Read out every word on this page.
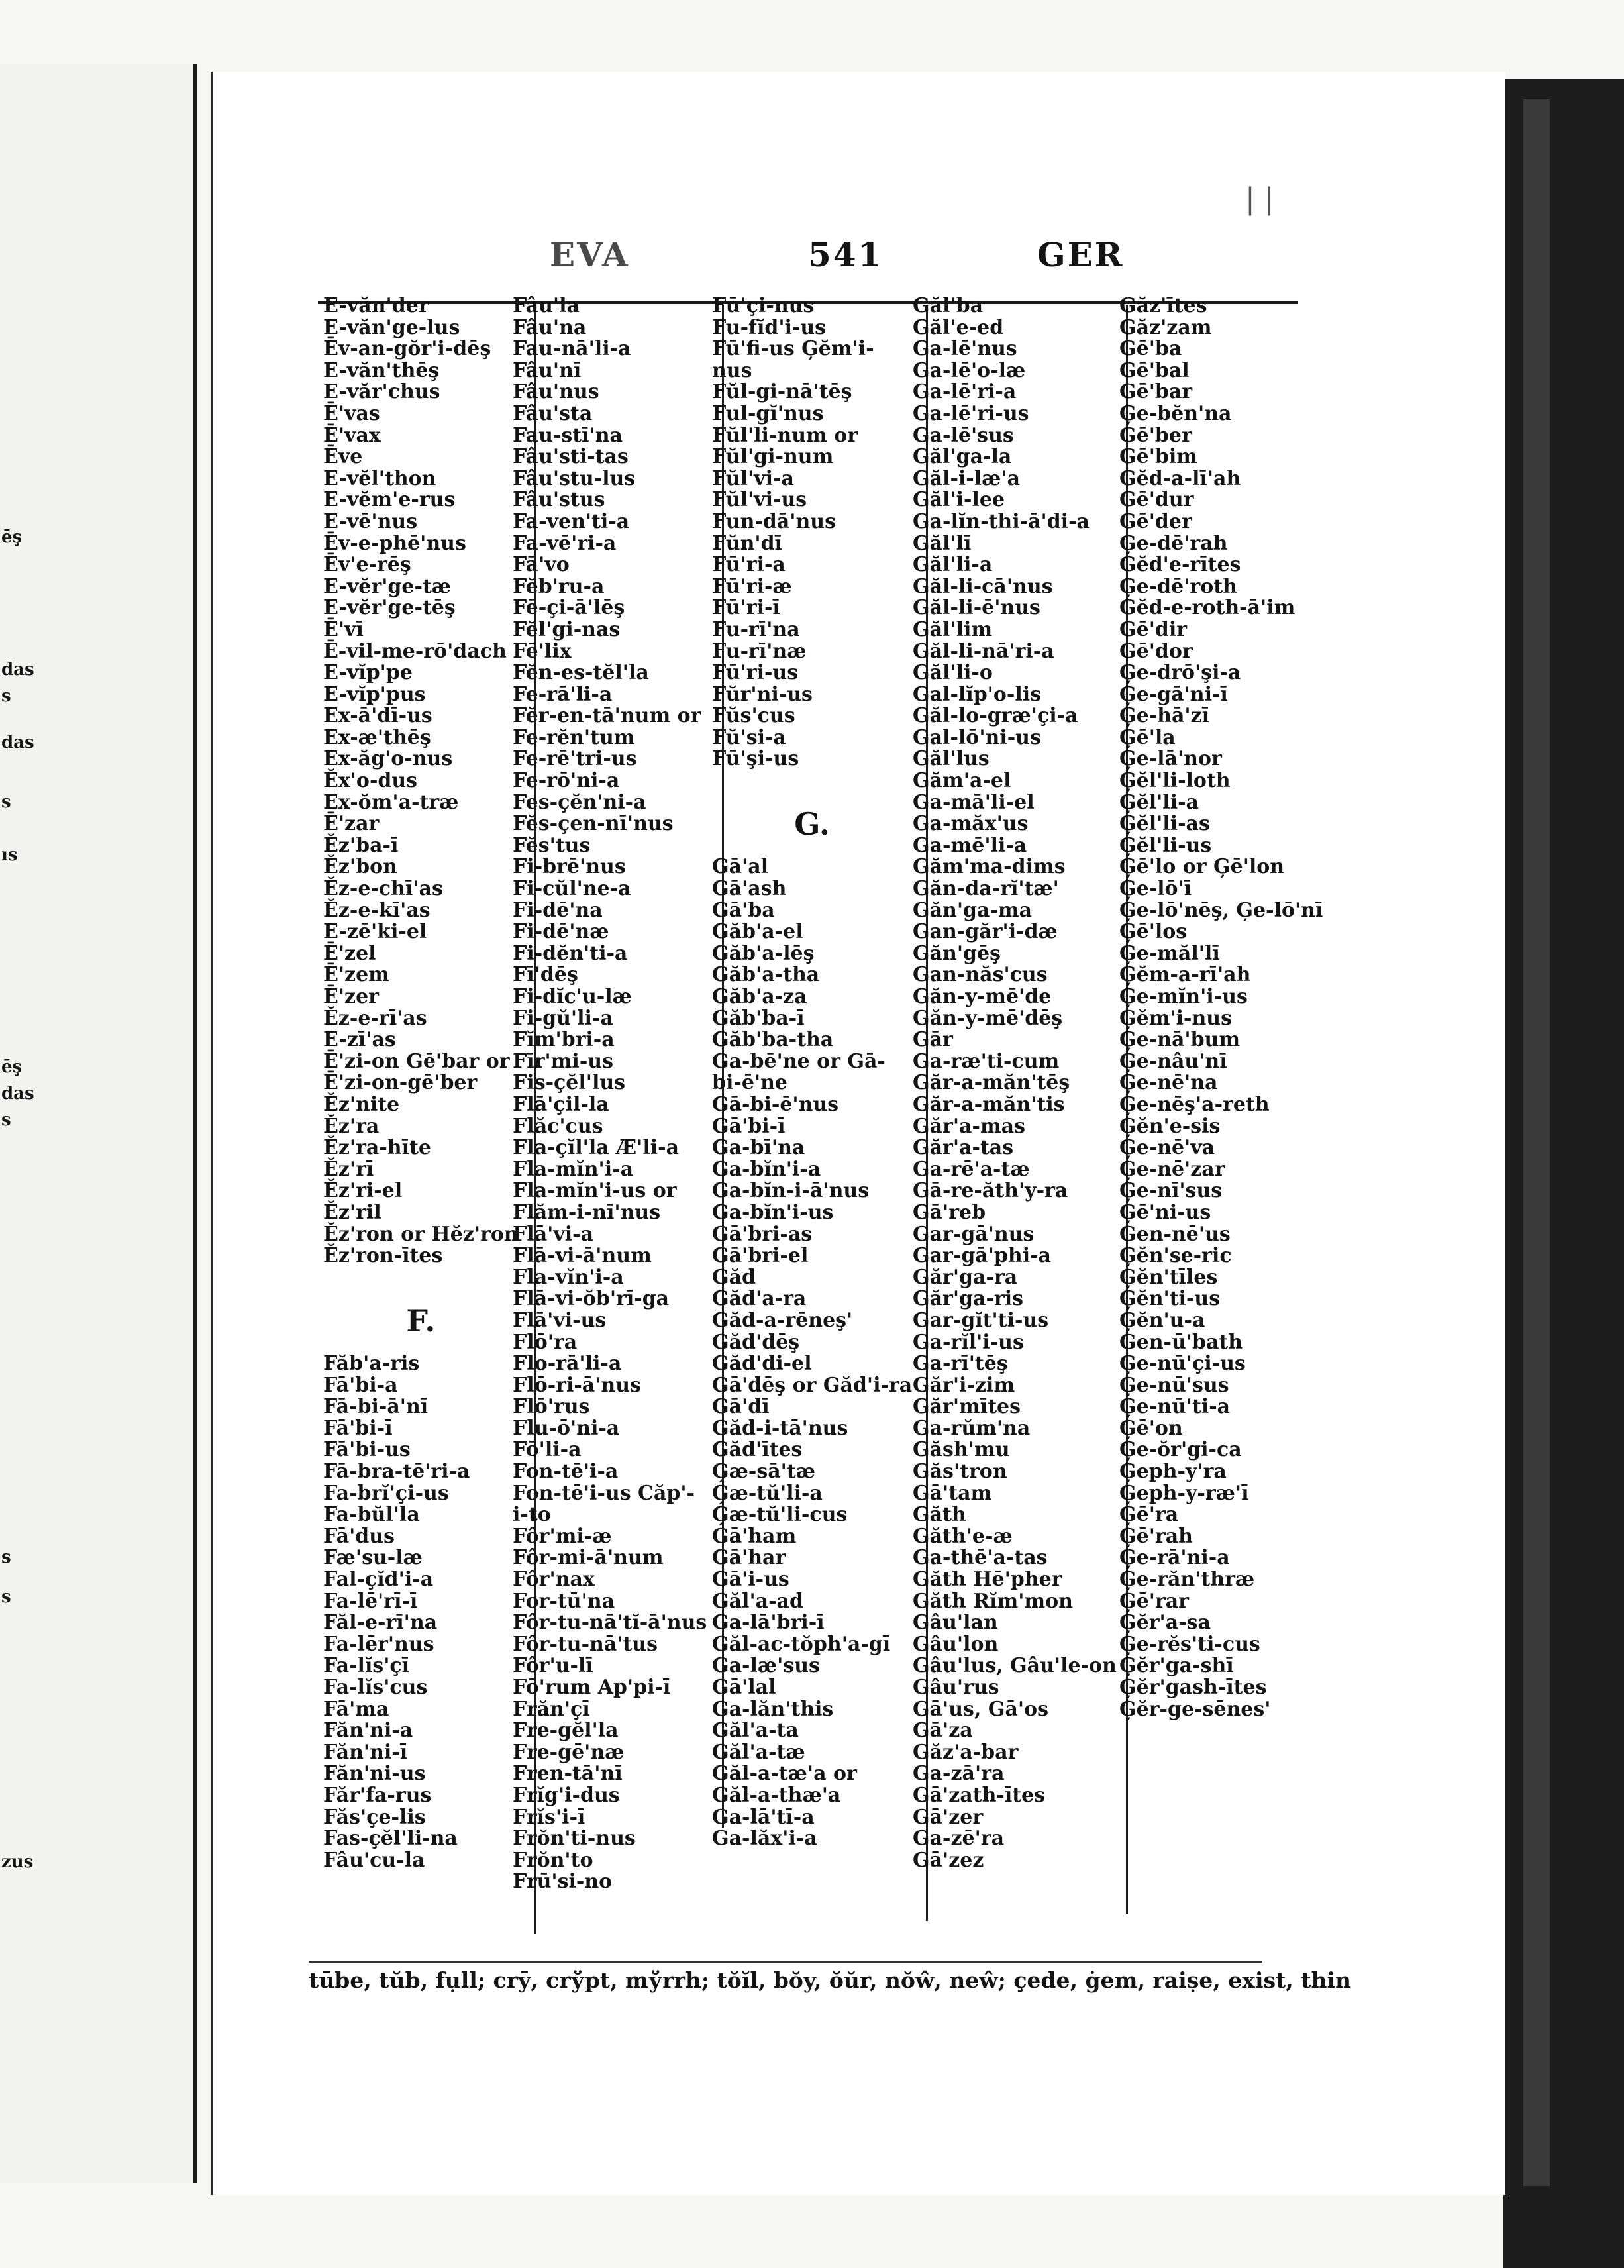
ēş
das
s
das
s
ıs
ēş
das
s
zus
s
s
| |
EVA	541	GER
E-văn'der
E-văn'ge-lus
Ēv-an-gŏr'i-dēş
E-văn'thēş
E-văr'chus
Ē'vas
Ē'vax
Ēve
E-vĕl'thon
E-vĕm'e-rus
E-vē'nus
Ēv-e-phē'nus
Ēv'e-rēş
E-vĕr'ge-tæ
E-vĕr'ge-tēş
Ē'vī
Ē-vil-me-rō'dach
E-vĭp'pe
E-vĭp'pus
Ex-ā'dī-us
Ex-æ'thēş
Ex-ăg'o-nus
Ĕx'o-dus
Ex-ŏm'a-træ
Ē'zar
Ĕz'ba-ī
Ĕz'bon
Ĕz-e-chī'as
Ĕz-e-kī'as
E-zē'ki-el
Ē'zel
Ē'zem
Ē'zer
Ĕz-e-rī'as
E-zī'as
Ē'zi-on Gē'bar or
Ē'zi-on-gē'ber
Ĕz'nite
Ĕz'ra
Ĕz'ra-hīte
Ĕz'rī
Ĕz'ri-el
Ĕz'ril
Ĕz'ron or Hĕz'ron
Ĕz'ron-ītes
F.
Făb'a-ris
Fā'bi-a
Fā-bi-ā'nī
Fā'bi-ī
Fā'bi-us
Fā-bra-tē'ri-a
Fa-brĭ'çi-us
Fa-bŭl'la
Fā'dus
Fæ'su-læ
Fal-çĭd'i-a
Fa-lē'rī-ī
Făl-e-rī'na
Fa-lēr'nus
Fa-lĭs'çī
Fa-lĭs'cus
Fā'ma
Făn'ni-a
Făn'ni-ī
Făn'ni-us
Făr'fa-rus
Făs'çe-lis
Fas-çĕl'li-na
Fâu'cu-la
Fâu'la
Fâu'na
Fau-nā'li-a
Fâu'nī
Fâu'nus
Fâu'sta
Fau-stī'na
Fâu'sti-tas
Fâu'stu-lus
Fâu'stus
Fa-ven'ti-a
Fa-vē'ri-a
Fā'vo
Fĕb'ru-a
Fē-çi-ā'lēş
Fĕl'gi-nas
Fē'lix
Fĕn-es-tĕl'la
Fe-rā'li-a
Fĕr-en-tā'num or
Fe-rĕn'tum
Fe-rē'tri-us
Fe-rō'ni-a
Fes-çĕn'ni-a
Fĕs-çen-nī'nus
Fĕs'tus
Fi-brē'nus
Fi-cŭl'ne-a
Fi-dē'na
Fi-dē'næ
Fi-dĕn'ti-a
Fī'dēş
Fi-dĭc'u-læ
Fi-gŭ'li-a
Fĭm'bri-a
Fīr'mi-us
Fis-çĕl'lus
Flā'çil-la
Flăc'cus
Fla-çĭl'la Æ'li-a
Fla-mĭn'i-a
Fla-mĭn'i-us or
Flăm-i-nī'nus
Flā'vi-a
Flā-vi-ā'num
Fla-vĭn'i-a
Flā-vi-ŏb'rī-ga
Flā'vi-us
Flō'ra
Flo-rā'li-a
Flō-ri-ā'nus
Flō'rus
Flu-ō'ni-a
Fō'li-a
Fon-tē'i-a
Fon-tē'i-us Căp'-
i-to
Fôr'mi-æ
Fôr-mi-ā'num
Fôr'nax
For-tū'na
Fôr-tu-nā'tĭ-ā'nus
Fôr-tu-nā'tus
Fôr'u-lī
Fō'rum Ap'pi-ī
Frăn'çī
Fre-gĕl'la
Fre-gē'næ
Fren-tā'nī
Frĭg'i-dus
Frĭs'i-ī
Frŏn'ti-nus
Frŏn'to
Frū'si-no
Fū'çi-nus
Fu-fĭd'i-us
Fū'fi-us Ģĕm'i-
nus
Fŭl-gi-nā'tēş
Ful-gĭ'nus
Fŭl'li-num or
Fŭl'gi-num
Fŭl'vi-a
Fŭl'vi-us
Fun-dā'nus
Fŭn'dī
Fū'ri-a
Fū'ri-æ
Fū'ri-ī
Fu-rī'na
Fu-rī'næ
Fū'ri-us
Fŭr'ni-us
Fŭs'cus
Fŭ'si-a
Fū'şi-us
G.
Gā'al
Gā'ash
Gā'ba
Găb'a-el
Găb'a-lēş
Găb'a-tha
Găb'a-za
Găb'ba-ī
Găb'ba-tha
Ga-bē'ne or Gā-
bi-ē'ne
Gā-bi-ē'nus
Gā'bi-ī
Ga-bī'na
Ga-bĭn'i-a
Ga-bĭn-i-ā'nus
Ga-bĭn'i-us
Gā'bri-as
Gā'bri-el
Găd
Găd'a-ra
Găd-a-rēneş'
Găd'dēş
Găd'di-el
Gā'dēş or Găd'i-ra
Gā'dī
Găd-i-tā'nus
Găd'ītes
Ģæ-sā'tæ
Ģæ-tŭ'li-a
Ģæ-tŭ'li-cus
Gā'ham
Gā'har
Gā'i-us
Găl'a-ad
Ga-lā'bri-ī
Găl-ac-tŏph'a-gī
Ga-læ'sus
Gā'lal
Ga-lăn'this
Găl'a-ta
Găl'a-tæ
Găl-a-tæ'a or
Găl-a-thæ'a
Ga-lā'tī-a
Ga-lăx'i-a
Găl'ba
Găl'e-ed
Ga-lē'nus
Ga-lē'o-læ
Ga-lē'ri-a
Ga-lē'ri-us
Ga-lē'sus
Găl'ga-la
Găl-i-læ'a
Găl'i-lee
Ga-lĭn-thi-ā'di-a
Găl'lī
Găl'li-a
Găl-li-cā'nus
Găl-li-ē'nus
Găl'lim
Găl-li-nā'ri-a
Găl'li-o
Gal-lĭp'o-lis
Găl-lo-græ'çi-a
Gal-lō'ni-us
Găl'lus
Găm'a-el
Ga-mā'li-el
Ga-măx'us
Ga-mē'li-a
Găm'ma-dims
Găn-da-rĭ'tæ'
Găn'ga-ma
Gan-găr'i-dæ
Găn'gēş
Gan-năs'cus
Găn-y-mē'de
Găn-y-mē'dēş
Gār
Ga-ræ'ti-cum
Găr-a-măn'tēş
Găr-a-măn'tis
Găr'a-mas
Găr'a-tas
Ga-rē'a-tæ
Gā-re-ăth'y-ra
Gā'reb
Gar-gā'nus
Gar-gā'phi-a
Găr'ga-ra
Găr'ga-ris
Gar-gĭt'ti-us
Ga-rĭl'i-us
Ga-rī'tēş
Găr'i-zim
Găr'mītes
Ga-rŭm'na
Găsh'mu
Găs'tron
Gā'tam
Găth
Găth'e-æ
Ga-thē'a-tas
Găth Hē'pher
Găth Rĭm'mon
Gâu'lan
Gâu'lon
Gâu'lus, Gâu'le-on
Gâu'rus
Gā'us, Gā'os
Gā'za
Găz'a-bar
Ga-zā'ra
Gā'zath-ītes
Gā'zer
Ga-zē'ra
Gā'zez
Găz'ītes
Găz'zam
Gē'ba
Gē'bal
Gē'bar
Ģe-bĕn'na
Gē'ber
Gē'bim
Gĕd-a-lī'ah
Gē'dur
Gē'der
Ģe-dē'rah
Gĕd'e-rītes
Ģe-dē'roth
Gĕd-e-roth-ā'im
Gē'dir
Gē'dor
Ģe-drō'şi-a
Ģe-gā'ni-ī
Ģe-hā'zī
Ģē'la
Ģe-lā'nor
Ģĕl'li-loth
Ģĕl'li-a
Ģĕl'li-as
Ģĕl'li-us
Ģē'lo or Ģē'lon
Ģe-lō'ī
Ģe-lō'nēş, Ģe-lō'nī
Ģē'los
Ģe-măl'lī
Ģĕm-a-rī'ah
Ģe-mĭn'i-us
Ģĕm'i-nus
Ģe-nā'bum
Ģe-nâu'nī
Ģe-nē'na
Ģe-nēş'a-reth
Ģĕn'e-sis
Ģe-nē'va
Ģe-nē'zar
Ģe-nī'sus
Ģē'ni-us
Gen-nē'us
Ģĕn'se-ric
Ģĕn'tīles
Ģĕn'ti-us
Ģĕn'u-a
Gen-ū'bath
Ģe-nū'çi-us
Ģe-nū'sus
Ģe-nū'ti-a
Ģē'on
Ģe-ŏr'gi-ca
Ģeph-y'ra
Ģeph-y-ræ'ī
Ģē'ra
Ģē'rah
Ģe-rā'ni-a
Ģe-răn'thræ
Ģē'rar
Ģĕr'a-sa
Ģe-rĕs'ti-cus
Ģĕr'ga-shī
Ģĕr'gash-ītes
Ģĕr-ge-sēnes'
tūbe, tŭb, fụll; crȳ, crўpt, mўrrh; tŏĭl, bŏy, ŏŭr, nŏŵ, neŵ; çede, ġem, raiṣe, exist, thin
